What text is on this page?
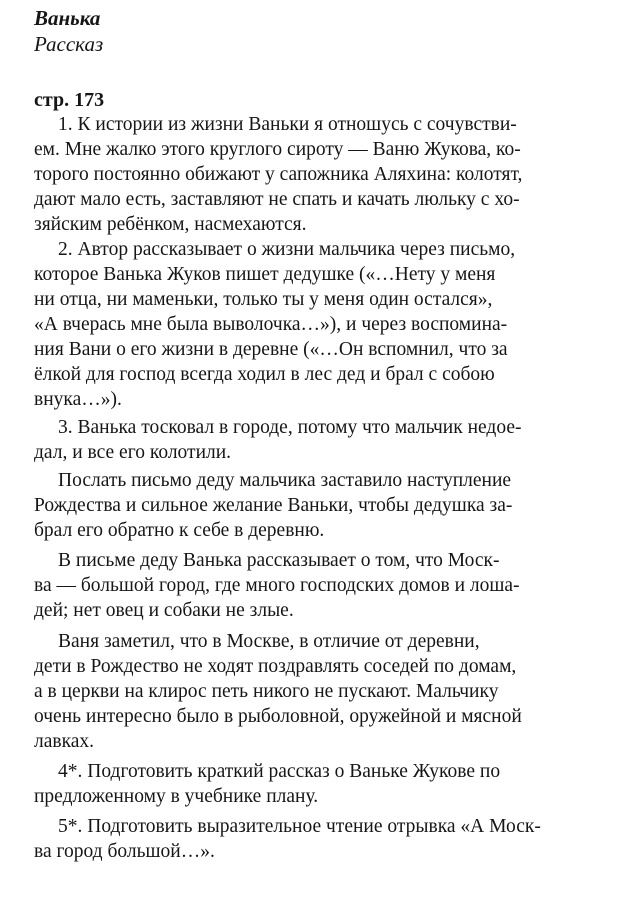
Ванька
Рассказ
стр. 173
1. К истории из жизни Ваньки я отношусь с сочувстви-
ем. Мне жалко этого круглого сироту — Ваню Жукова, ко-
торого постоянно обижают у сапожника Аляхина: колотят,
дают мало есть, заставляют не спать и качать люльку с хо-
зяйским ребёнком, насмехаются.
2. Автор рассказывает о жизни мальчика через письмо,
которое Ванька Жуков пишет дедушке («…Нету у меня
ни отца, ни маменьки, только ты у меня один остался»,
«А вчерась мне была выволочка…»), и через воспомина-
ния Вани о его жизни в деревне («…Он вспомнил, что за
ёлкой для господ всегда ходил в лес дед и брал с собою
внука…»).
3. Ванька тосковал в городе, потому что мальчик недое-
дал, и все его колотили.
Послать письмо деду мальчика заставило наступление
Рождества и сильное желание Ваньки, чтобы дедушка за-
брал его обратно к себе в деревню.
В письме деду Ванька рассказывает о том, что Моск-
ва — большой город, где много господских домов и лоша-
дей; нет овец и собаки не злые.
Ваня заметил, что в Москве, в отличие от деревни,
дети в Рождество не ходят поздравлять соседей по домам,
а в церкви на клирос петь никого не пускают. Мальчику
очень интересно было в рыболовной, оружейной и мясной
лавках.
4*. Подготовить краткий рассказ о Ваньке Жукове по
предложенному в учебнике плану.
5*. Подготовить выразительное чтение отрывка «А Моск-
ва город большой…».
